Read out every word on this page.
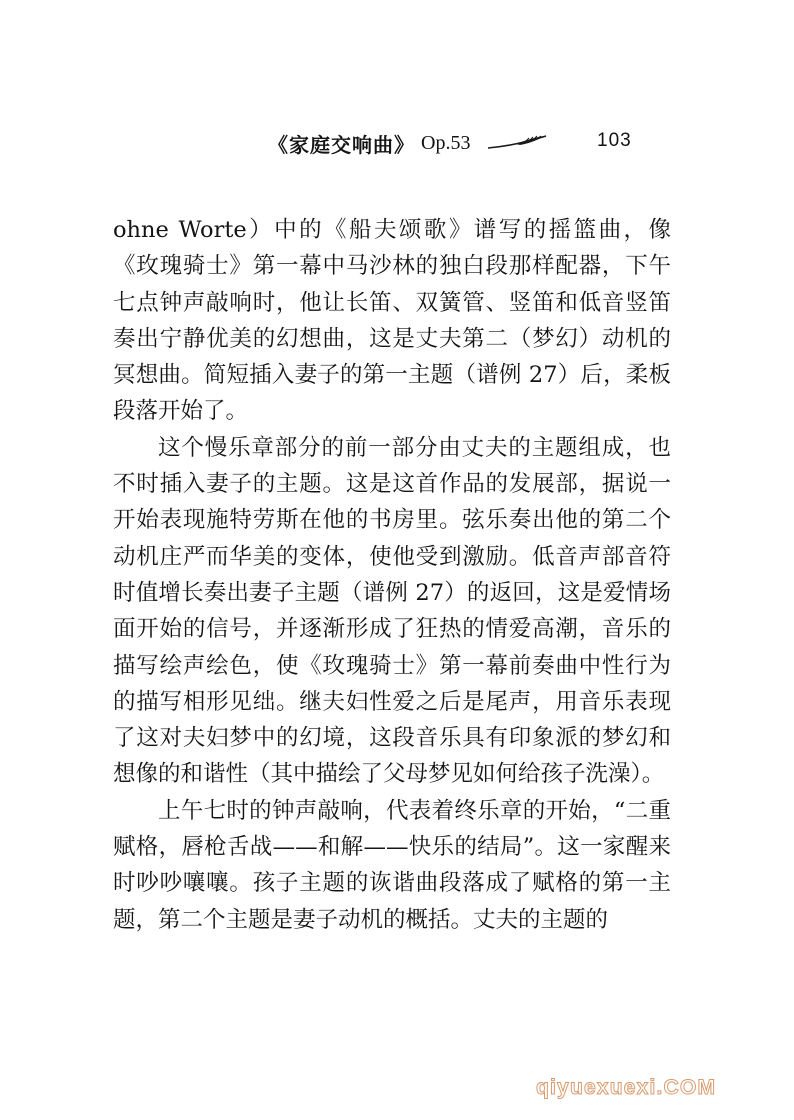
《家庭交响曲》 Op.53	103

ohne Worte）中的《船夫颂歌》谱写的摇篮曲，像《玫瑰骑士》第一幕中马沙林的独白段那样配器，下午七点钟声敲响时，他让长笛、双簧管、竖笛和低音竖笛奏出宁静优美的幻想曲，这是丈夫第二（梦幻）动机的冥想曲。简短插入妻子的第一主题（谱例 27）后，柔板段落开始了。

这个慢乐章部分的前一部分由丈夫的主题组成，也不时插入妻子的主题。这是这首作品的发展部，据说一开始表现施特劳斯在他的书房里。弦乐奏出他的第二个动机庄严而华美的变体，使他受到激励。低音声部音符时值增长奏出妻子主题（谱例 27）的返回，这是爱情场面开始的信号，并逐渐形成了狂热的情爱高潮，音乐的描写绘声绘色，使《玫瑰骑士》第一幕前奏曲中性行为的描写相形见绌。继夫妇性爱之后是尾声，用音乐表现了这对夫妇梦中的幻境，这段音乐具有印象派的梦幻和想像的和谐性（其中描绘了父母梦见如何给孩子洗澡）。

上午七时的钟声敲响，代表着终乐章的开始，“二重赋格，唇枪舌战——和解——快乐的结局”。这一家醒来时吵吵嚷嚷。孩子主题的诙谐曲段落成了赋格的第一主题，第二个主题是妻子动机的概括。丈夫的主题的

qiyuexuexi.COM
